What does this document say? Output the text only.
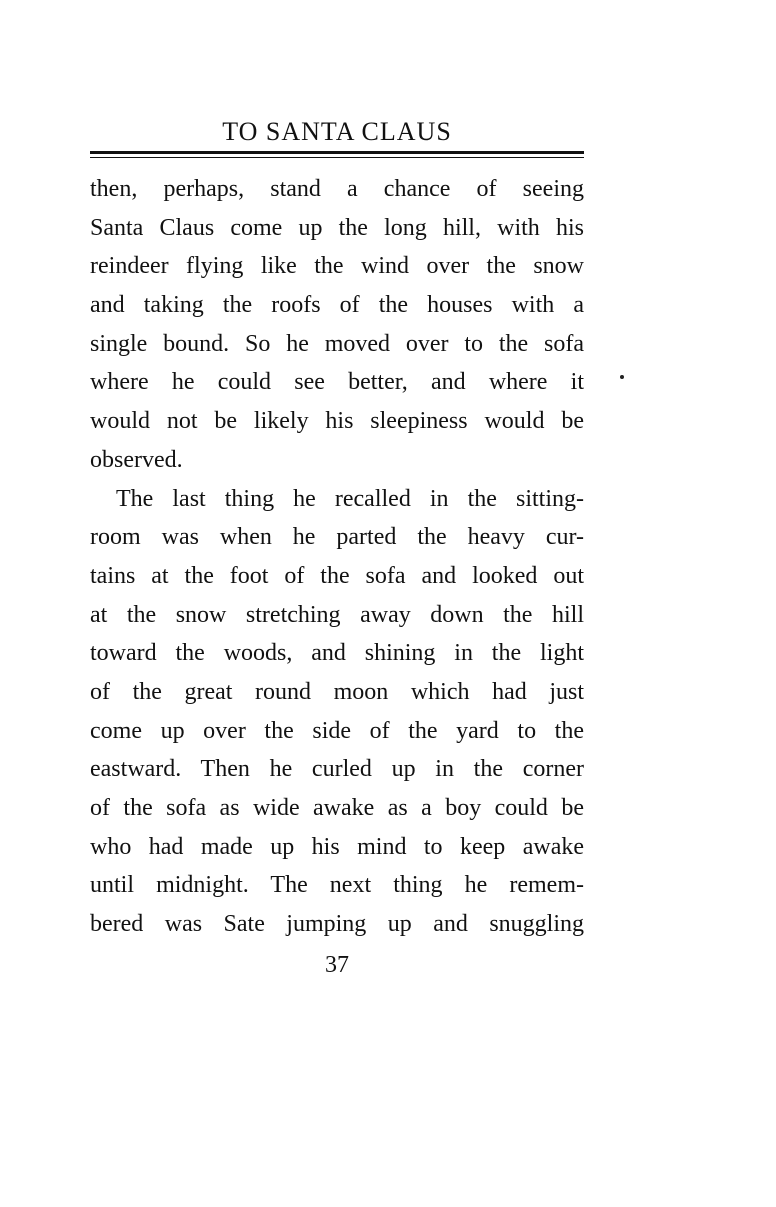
TO SANTA CLAUS

then, perhaps, stand a chance of seeing
Santa Claus come up the long hill, with his
reindeer flying like the wind over the snow
and taking the roofs of the houses with a
single bound. So he moved over to the sofa
where he could see better, and where it
would not be likely his sleepiness would be
observed.

The last thing he recalled in the sitting-
room was when he parted the heavy cur-
tains at the foot of the sofa and looked out
at the snow stretching away down the hill
toward the woods, and shining in the light
of the great round moon which had just
come up over the side of the yard to the
eastward. Then he curled up in the corner
of the sofa as wide awake as a boy could be
who had made up his mind to keep awake
until midnight. The next thing he remem-
bered was Sate jumping up and snuggling

37
